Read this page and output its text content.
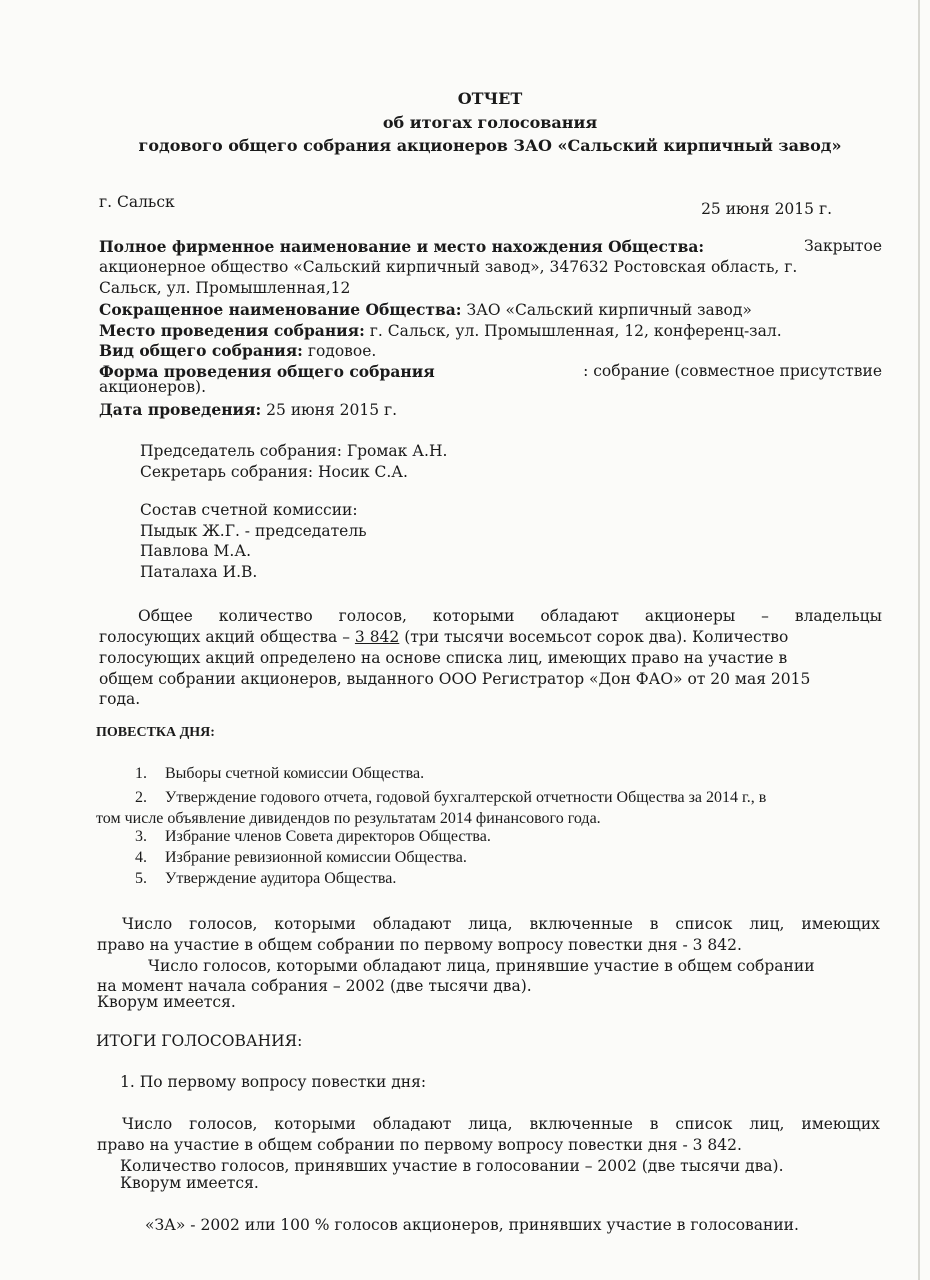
ОТЧЕТ
об итогах голосования
годового общего собрания акционеров ЗАО «Сальский кирпичный завод»
г. Сальск	25 июня 2015 г.
Полное фирменное наименование и место нахождения Общества:	Закрытое
акционерное общество «Сальский кирпичный завод», 347632 Ростовская область, г.
Сальск, ул. Промышленная,12
Сокращенное наименование Общества: ЗАО «Сальский кирпичный завод»
Место проведения собрания: г. Сальск, ул. Промышленная, 12, конференц-зал.
Вид общего собрания: годовое.
Форма проведения общего собрания	: собрание (совместное присутствие
акционеров).
Дата проведения: 25 июня 2015 г.
Председатель собрания: Громак А.Н.
Секретарь собрания: Носик С.А.
Состав счетной комиссии:
Пыдык Ж.Г. - председатель
Павлова М.А.
Паталаха И.В.
Общее количество голосов, которыми обладают акционеры – владельцы
голосующих акций общества – 3 842 (три тысячи восемьсот сорок два). Количество
голосующих акций определено на основе списка лиц, имеющих право на участие в
общем собрании акционеров, выданного ООО Регистратор «Дон ФАО» от 20 мая 2015
года.
ПОВЕСТКА ДНЯ:
1. Выборы счетной комиссии Общества.
2. Утверждение годового отчета, годовой бухгалтерской отчетности Общества за 2014 г., в
том числе объявление дивидендов по результатам 2014 финансового года.
3. Избрание членов Совета директоров Общества.
4. Избрание ревизионной комиссии Общества.
5. Утверждение аудитора Общества.
Число голосов, которыми обладают лица, включенные в список лиц, имеющих
право на участие в общем собрании по первому вопросу повестки дня - 3 842.
Число голосов, которыми обладают лица, принявшие участие в общем собрании
на момент начала собрания – 2002 (две тысячи два).
Кворум имеется.
ИТОГИ ГОЛОСОВАНИЯ:
1. По первому вопросу повестки дня:
Число голосов, которыми обладают лица, включенные в список лиц, имеющих
право на участие в общем собрании по первому вопросу повестки дня - 3 842.
Количество голосов, принявших участие в голосовании – 2002 (две тысячи два).
Кворум имеется.
«ЗА» - 2002 или 100 % голосов акционеров, принявших участие в голосовании.
